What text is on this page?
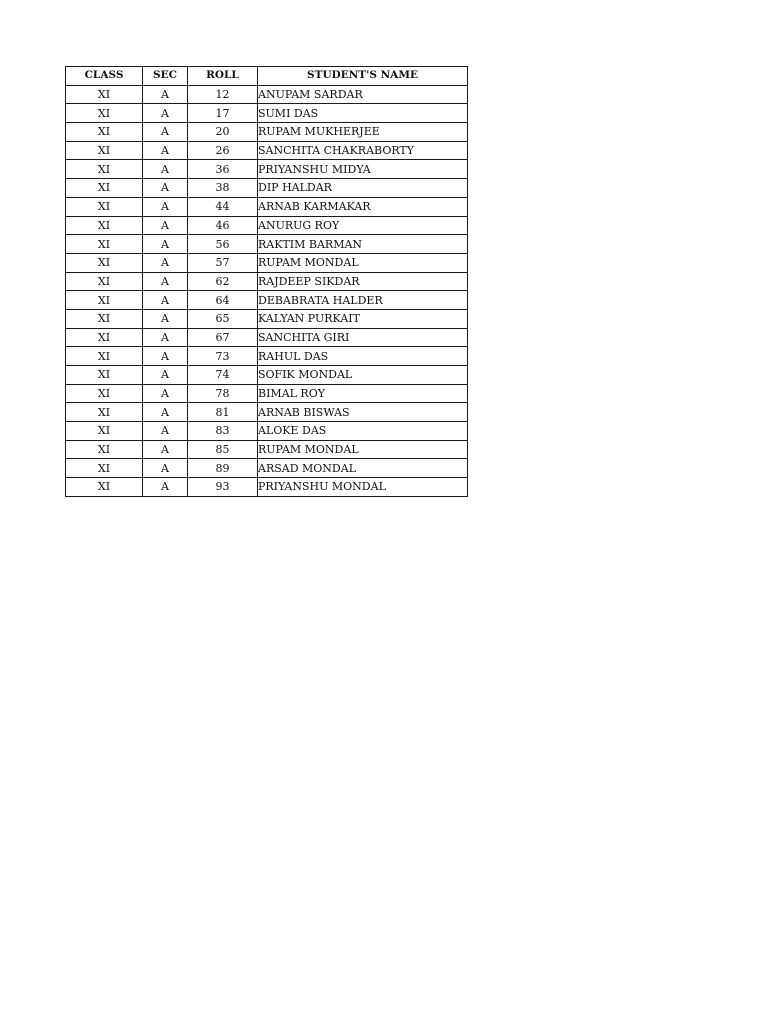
CLASS	SEC	ROLL	STUDENT'S NAME
XI	A	12	ANUPAM SARDAR
XI	A	17	SUMI DAS
XI	A	20	RUPAM MUKHERJEE
XI	A	26	SANCHITA CHAKRABORTY
XI	A	36	PRIYANSHU MIDYA
XI	A	38	DIP HALDAR
XI	A	44	ARNAB KARMAKAR
XI	A	46	ANURUG ROY
XI	A	56	RAKTIM BARMAN
XI	A	57	RUPAM MONDAL
XI	A	62	RAJDEEP SIKDAR
XI	A	64	DEBABRATA HALDER
XI	A	65	KALYAN PURKAIT
XI	A	67	SANCHITA GIRI
XI	A	73	RAHUL DAS
XI	A	74	SOFIK MONDAL
XI	A	78	BIMAL ROY
XI	A	81	ARNAB BISWAS
XI	A	83	ALOKE DAS
XI	A	85	RUPAM MONDAL
XI	A	89	ARSAD MONDAL
XI	A	93	PRIYANSHU MONDAL
